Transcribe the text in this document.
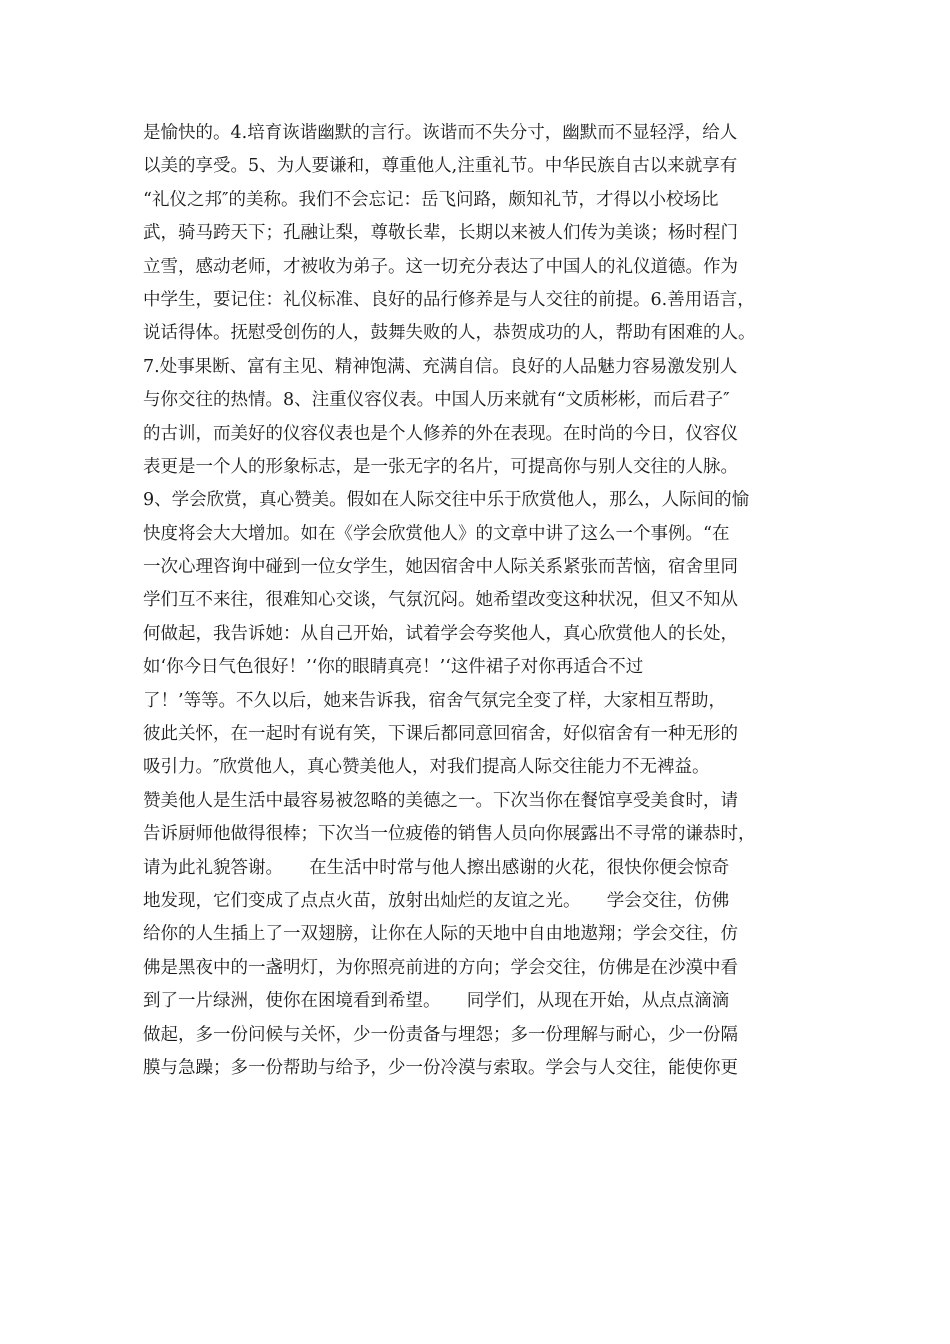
是愉快的。4.培育诙谐幽默的言行。诙谐而不失分寸，幽默而不显轻浮，给人
以美的享受。5、为人要谦和，尊重他人,注重礼节。中华民族自古以来就享有
“礼仪之邦″的美称。我们不会忘记：岳飞问路，颇知礼节，才得以小校场比
武，骑马跨天下；孔融让梨，尊敬长辈，长期以来被人们传为美谈；杨时程门
立雪，感动老师，才被收为弟子。这一切充分表达了中国人的礼仪道德。作为
中学生，要记住：礼仪标准、良好的品行修养是与人交往的前提。6.善用语言，
说话得体。抚慰受创伤的人，鼓舞失败的人，恭贺成功的人，帮助有困难的人。
7.处事果断、富有主见、精神饱满、充满自信。良好的人品魅力容易激发别人
与你交往的热情。8、注重仪容仪表。中国人历来就有“文质彬彬，而后君子″
的古训，而美好的仪容仪表也是个人修养的外在表现。在时尚的今日，仪容仪
表更是一个人的形象标志，是一张无字的名片，可提高你与别人交往的人脉。
9、学会欣赏，真心赞美。假如在人际交往中乐于欣赏他人，那么，人际间的愉
快度将会大大增加。如在《学会欣赏他人》的文章中讲了这么一个事例。“在
一次心理咨询中碰到一位女学生，她因宿舍中人际关系紧张而苦恼，宿舍里同
学们互不来往，很难知心交谈，气氛沉闷。她希望改变这种状况，但又不知从
何做起，我告诉她：从自己开始，试着学会夸奖他人，真心欣赏他人的长处，
如‘你今日气色很好！’‘你的眼睛真亮！’‘这件裙子对你再适合不过
了！’等等。不久以后，她来告诉我，宿舍气氛完全变了样，大家相互帮助，
彼此关怀，在一起时有说有笑，下课后都同意回宿舍，好似宿舍有一种无形的
吸引力。″欣赏他人，真心赞美他人，对我们提高人际交往能力不无裨益。
赞美他人是生活中最容易被忽略的美德之一。下次当你在餐馆享受美食时，请
告诉厨师他做得很棒；下次当一位疲倦的销售人员向你展露出不寻常的谦恭时，
请为此礼貌答谢。　　在生活中时常与他人擦出感谢的火花，很快你便会惊奇
地发现，它们变成了点点火苗，放射出灿烂的友谊之光。　　学会交往，仿佛
给你的人生插上了一双翅膀，让你在人际的天地中自由地遨翔；学会交往，仿
佛是黑夜中的一盏明灯，为你照亮前进的方向；学会交往，仿佛是在沙漠中看
到了一片绿洲，使你在困境看到希望。　　同学们，从现在开始，从点点滴滴
做起，多一份问候与关怀，少一份责备与埋怨；多一份理解与耐心，少一份隔
膜与急躁；多一份帮助与给予，少一份冷漠与索取。学会与人交往，能使你更
